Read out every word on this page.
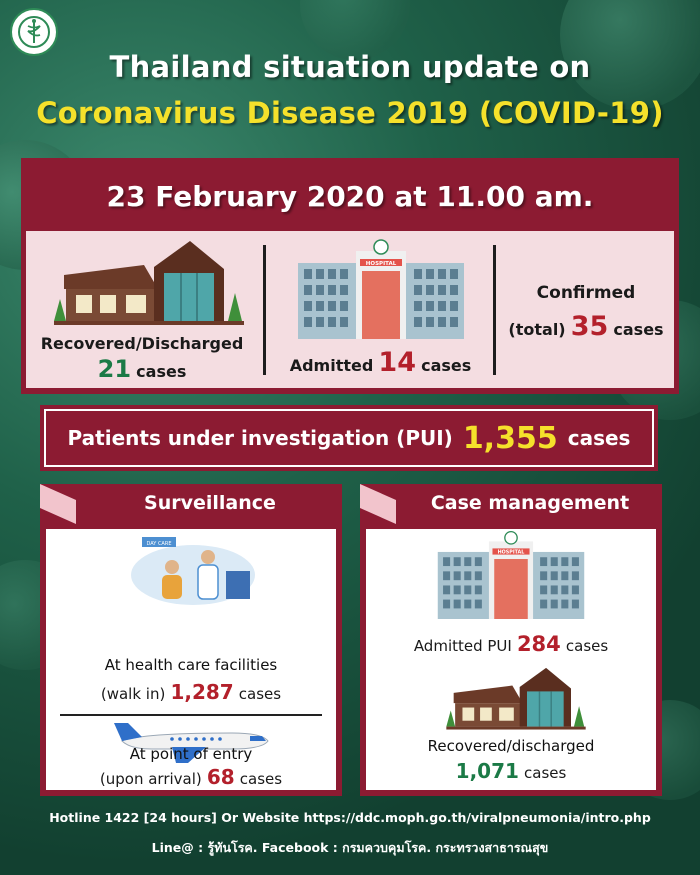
Thailand situation update on
Coronavirus Disease 2019 (COVID-19)
23 February 2020 at 11.00 am.
Recovered/Discharged
21 cases
HOSPITAL
Admitted 14 cases
Confirmed
(total) 35 cases
Patients under investigation (PUI) 1,355 cases
Surveillance
DAY CARE
At health care facilities
(walk in) 1,287 cases
At point of entry
(upon arrival) 68 cases
Case management
HOSPITAL
Admitted PUI 284 cases
Recovered/discharged
1,071 cases
Hotline 1422 [24 hours] Or Website https://ddc.moph.go.th/viralpneumonia/intro.php
Line@ : รู้ทันโรค. Facebook : กรมควบคุมโรค. กระทรวงสาธารณสุข
